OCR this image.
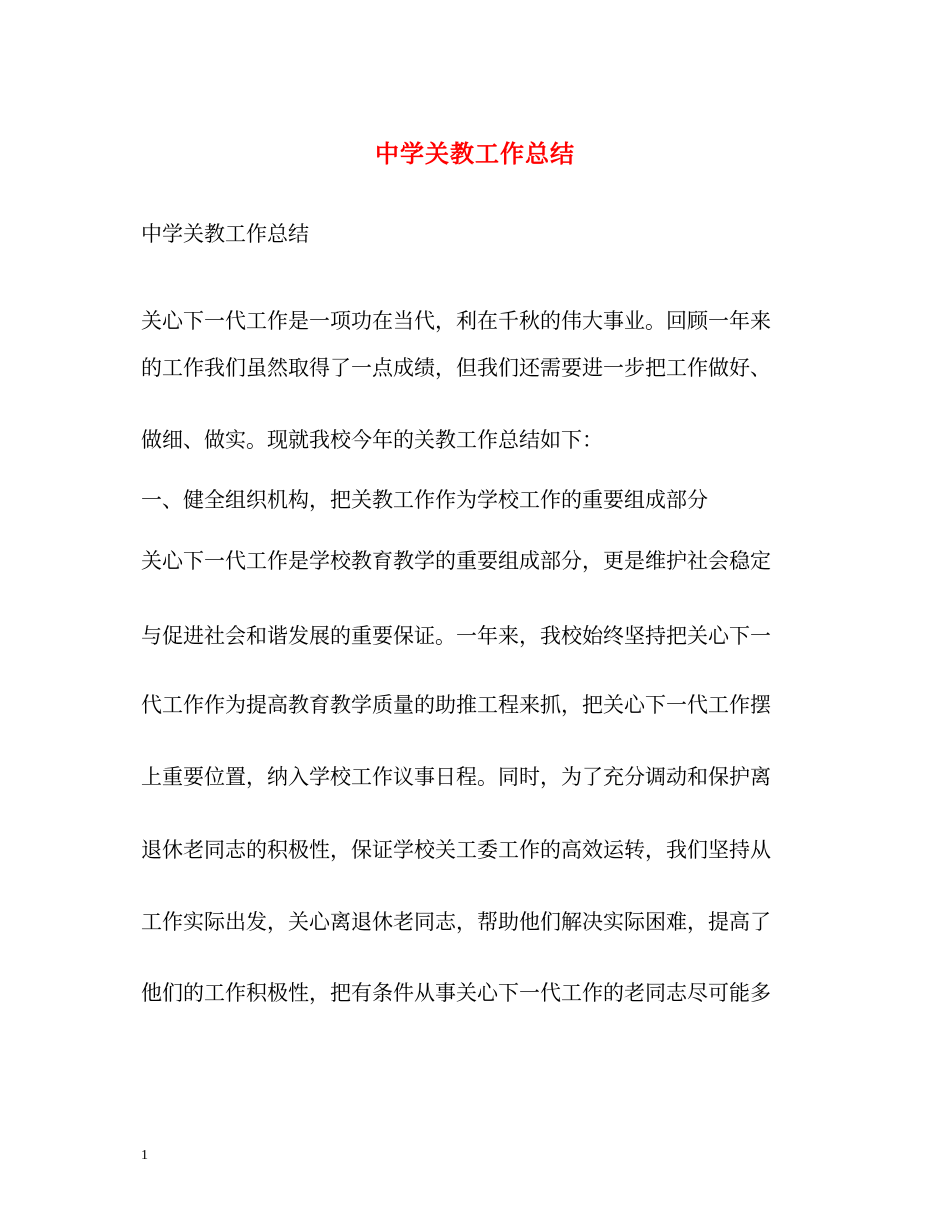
中学关教工作总结
中学关教工作总结
关心下一代工作是一项功在当代，利在千秋的伟大事业。回顾一年来
的工作我们虽然取得了一点成绩，但我们还需要进一步把工作做好、
做细、做实。现就我校今年的关教工作总结如下：
一、健全组织机构，把关教工作作为学校工作的重要组成部分
关心下一代工作是学校教育教学的重要组成部分，更是维护社会稳定
与促进社会和谐发展的重要保证。一年来，我校始终坚持把关心下一
代工作作为提高教育教学质量的助推工程来抓，把关心下一代工作摆
上重要位置，纳入学校工作议事日程。同时，为了充分调动和保护离
退休老同志的积极性，保证学校关工委工作的高效运转，我们坚持从
工作实际出发，关心离退休老同志，帮助他们解决实际困难，提高了
他们的工作积极性，把有条件从事关心下一代工作的老同志尽可能多
1
